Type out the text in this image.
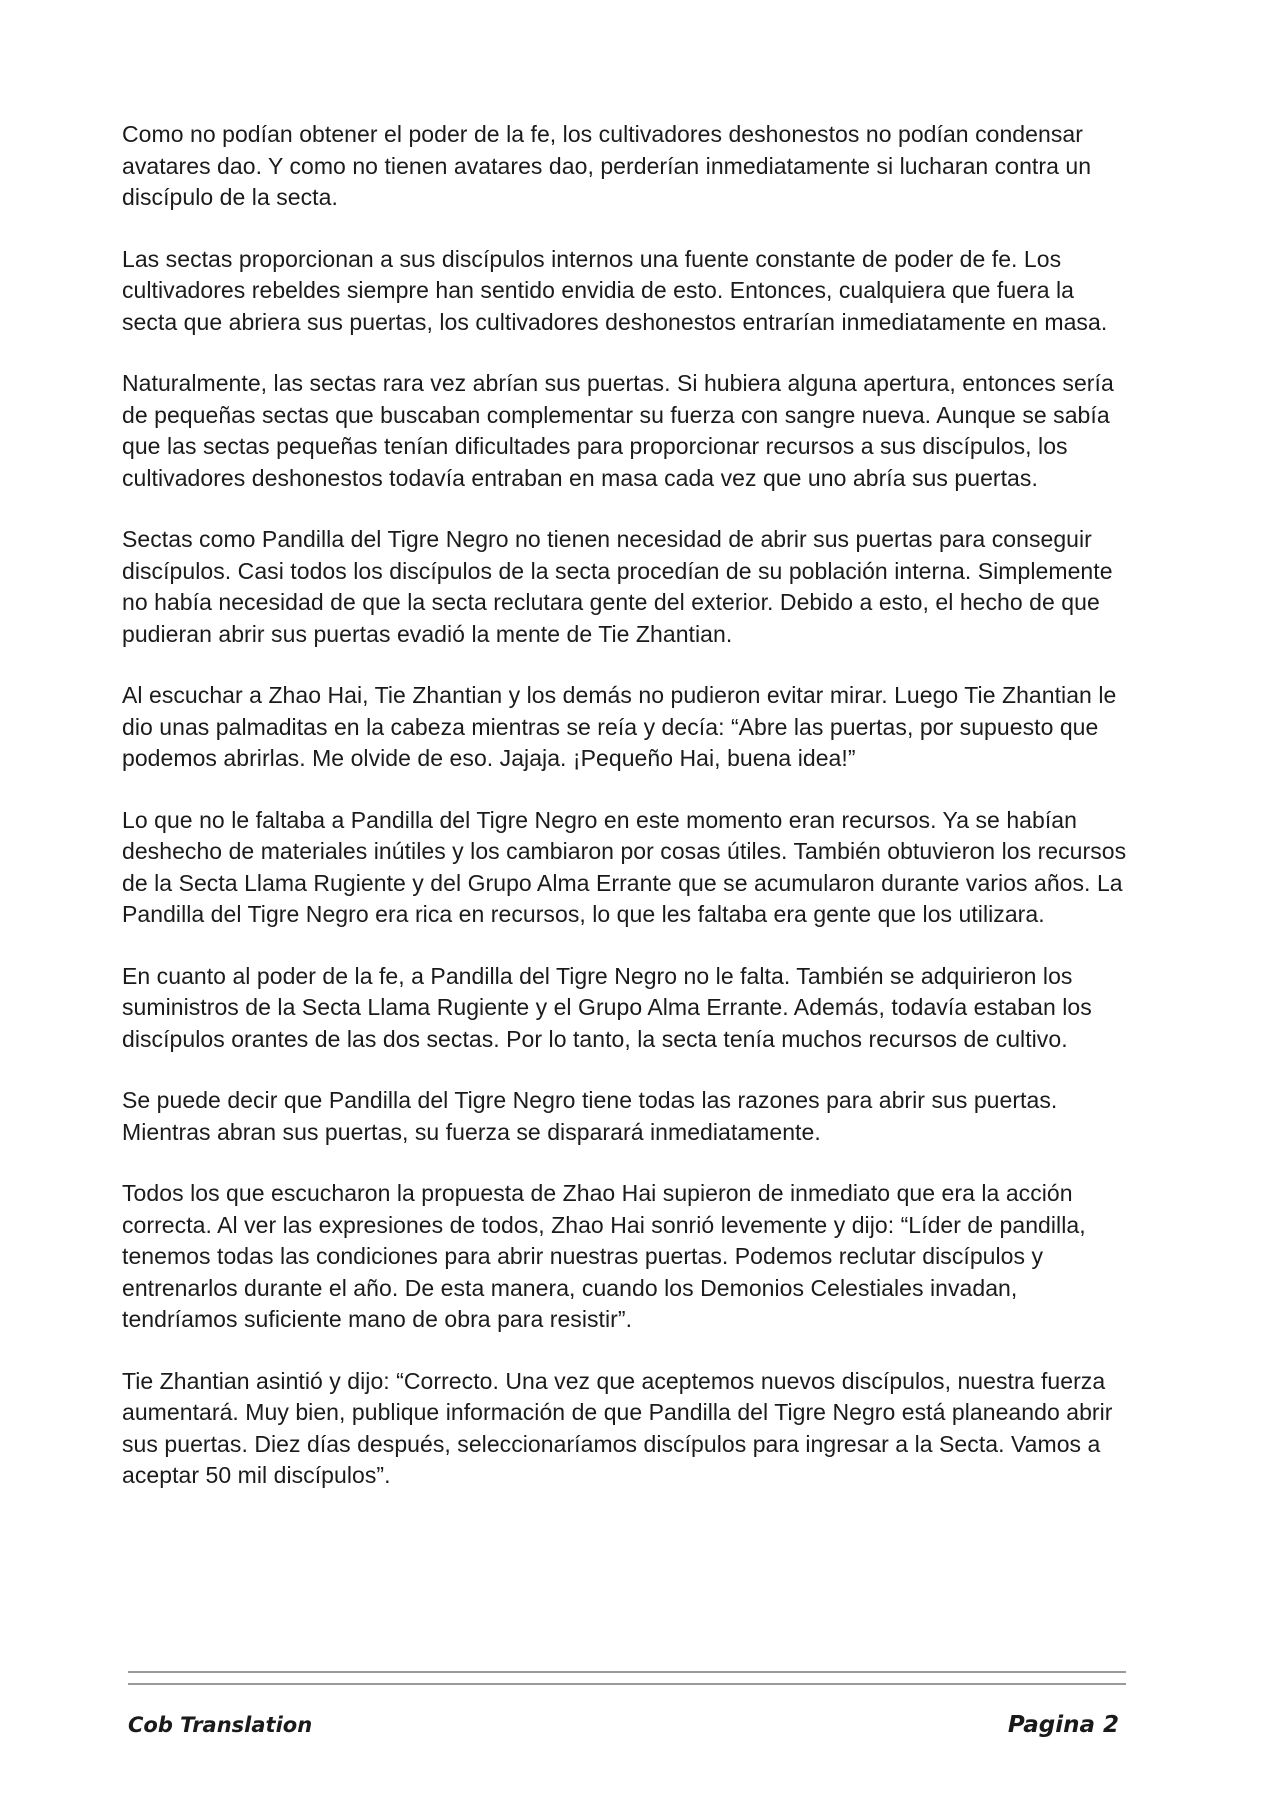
Como no podían obtener el poder de la fe, los cultivadores deshonestos no podían condensar avatares dao. Y como no tienen avatares dao, perderían inmediatamente si lucharan contra un discípulo de la secta.

Las sectas proporcionan a sus discípulos internos una fuente constante de poder de fe. Los cultivadores rebeldes siempre han sentido envidia de esto. Entonces, cualquiera que fuera la secta que abriera sus puertas, los cultivadores deshonestos entrarían inmediatamente en masa.

Naturalmente, las sectas rara vez abrían sus puertas. Si hubiera alguna apertura, entonces sería de pequeñas sectas que buscaban complementar su fuerza con sangre nueva. Aunque se sabía que las sectas pequeñas tenían dificultades para proporcionar recursos a sus discípulos, los cultivadores deshonestos todavía entraban en masa cada vez que uno abría sus puertas.

Sectas como Pandilla del Tigre Negro no tienen necesidad de abrir sus puertas para conseguir discípulos. Casi todos los discípulos de la secta procedían de su población interna. Simplemente no había necesidad de que la secta reclutara gente del exterior. Debido a esto, el hecho de que pudieran abrir sus puertas evadió la mente de Tie Zhantian.

Al escuchar a Zhao Hai, Tie Zhantian y los demás no pudieron evitar mirar. Luego Tie Zhantian le dio unas palmaditas en la cabeza mientras se reía y decía: “Abre las puertas, por supuesto que podemos abrirlas. Me olvide de eso. Jajaja. ¡Pequeño Hai, buena idea!”

Lo que no le faltaba a Pandilla del Tigre Negro en este momento eran recursos. Ya se habían deshecho de materiales inútiles y los cambiaron por cosas útiles. También obtuvieron los recursos de la Secta Llama Rugiente y del Grupo Alma Errante que se acumularon durante varios años. La Pandilla del Tigre Negro era rica en recursos, lo que les faltaba era gente que los utilizara.

En cuanto al poder de la fe, a Pandilla del Tigre Negro no le falta. También se adquirieron los suministros de la Secta Llama Rugiente y el Grupo Alma Errante. Además, todavía estaban los discípulos orantes de las dos sectas. Por lo tanto, la secta tenía muchos recursos de cultivo.

Se puede decir que Pandilla del Tigre Negro tiene todas las razones para abrir sus puertas. Mientras abran sus puertas, su fuerza se disparará inmediatamente.

Todos los que escucharon la propuesta de Zhao Hai supieron de inmediato que era la acción correcta. Al ver las expresiones de todos, Zhao Hai sonrió levemente y dijo: “Líder de pandilla, tenemos todas las condiciones para abrir nuestras puertas. Podemos reclutar discípulos y entrenarlos durante el año. De esta manera, cuando los Demonios Celestiales invadan, tendríamos suficiente mano de obra para resistir”.

Tie Zhantian asintió y dijo: “Correcto. Una vez que aceptemos nuevos discípulos, nuestra fuerza aumentará. Muy bien, publique información de que Pandilla del Tigre Negro está planeando abrir sus puertas. Diez días después, seleccionaríamos discípulos para ingresar a la Secta. Vamos a aceptar 50 mil discípulos”.

Cob Translation	Pagina 2
